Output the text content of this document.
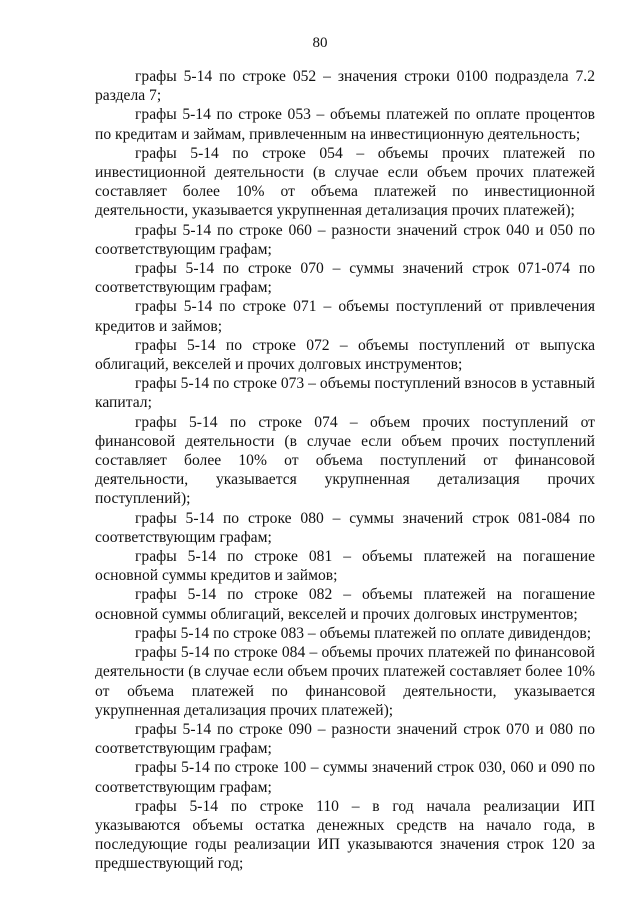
80

графы 5-14 по строке 052 – значения строки 0100 подраздела 7.2 раздела 7;

графы 5-14 по строке 053 – объемы платежей по оплате процентов по кредитам и займам, привлеченным на инвестиционную деятельность;

графы 5-14 по строке 054 – объемы прочих платежей по инвестиционной деятельности (в случае если объем прочих платежей составляет более 10% от объема платежей по инвестиционной деятельности, указывается укрупненная детализация прочих платежей);

графы 5-14 по строке 060 – разности значений строк 040 и 050 по соответствующим графам;

графы 5-14 по строке 070 – суммы значений строк 071-074 по соответствующим графам;

графы 5-14 по строке 071 – объемы поступлений от привлечения кредитов и займов;

графы 5-14 по строке 072 – объемы поступлений от выпуска облигаций, векселей и прочих долговых инструментов;

графы 5-14 по строке 073 – объемы поступлений взносов в уставный капитал;

графы 5-14 по строке 074 – объем прочих поступлений от финансовой деятельности (в случае если объем прочих поступлений составляет более 10% от объема поступлений от финансовой деятельности, указывается укрупненная детализация прочих поступлений);

графы 5-14 по строке 080 – суммы значений строк 081-084 по соответствующим графам;

графы 5-14 по строке 081 – объемы платежей на погашение основной суммы кредитов и займов;

графы 5-14 по строке 082 – объемы платежей на погашение основной суммы облигаций, векселей и прочих долговых инструментов;

графы 5-14 по строке 083 – объемы платежей по оплате дивидендов;

графы 5-14 по строке 084 – объемы прочих платежей по финансовой деятельности (в случае если объем прочих платежей составляет более 10% от объема платежей по финансовой деятельности, указывается укрупненная детализация прочих платежей);

графы 5-14 по строке 090 – разности значений строк 070 и 080 по соответствующим графам;

графы 5-14 по строке 100 – суммы значений строк 030, 060 и 090 по соответствующим графам;

графы 5-14 по строке 110 – в год начала реализации ИП указываются объемы остатка денежных средств на начало года, в последующие годы реализации ИП указываются значения строк 120 за предшествующий год;
